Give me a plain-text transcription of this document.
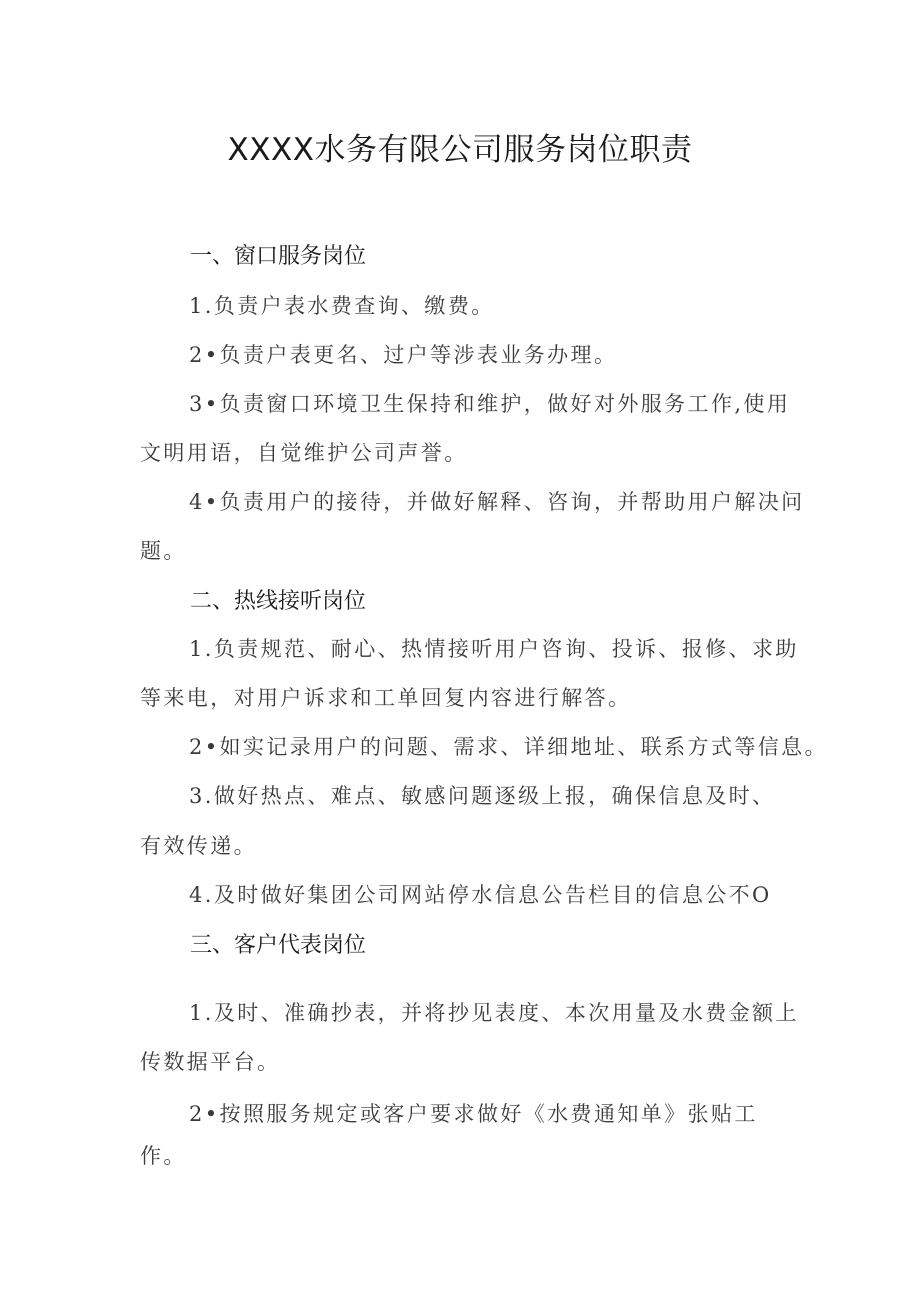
XXXX水务有限公司服务岗位职责
一、窗口服务岗位
1.负责户表水费查询、缴费。
2•负责户表更名、过户等涉表业务办理。
3•负责窗口环境卫生保持和维护，做好对外服务工作,使用
文明用语，自觉维护公司声誉。
4•负责用户的接待，并做好解释、咨询，并帮助用户解决问
题。
二、热线接听岗位
1.负责规范、耐心、热情接听用户咨询、投诉、报修、求助
等来电，对用户诉求和工单回复内容进行解答。
2•如实记录用户的问题、需求、详细地址、联系方式等信息。
3.做好热点、难点、敏感问题逐级上报，确保信息及时、
有效传递。
4.及时做好集团公司网站停水信息公告栏目的信息公不O
三、客户代表岗位
1.及时、准确抄表，并将抄见表度、本次用量及水费金额上
传数据平台。
2•按照服务规定或客户要求做好《水费通知单》张贴工
作。
